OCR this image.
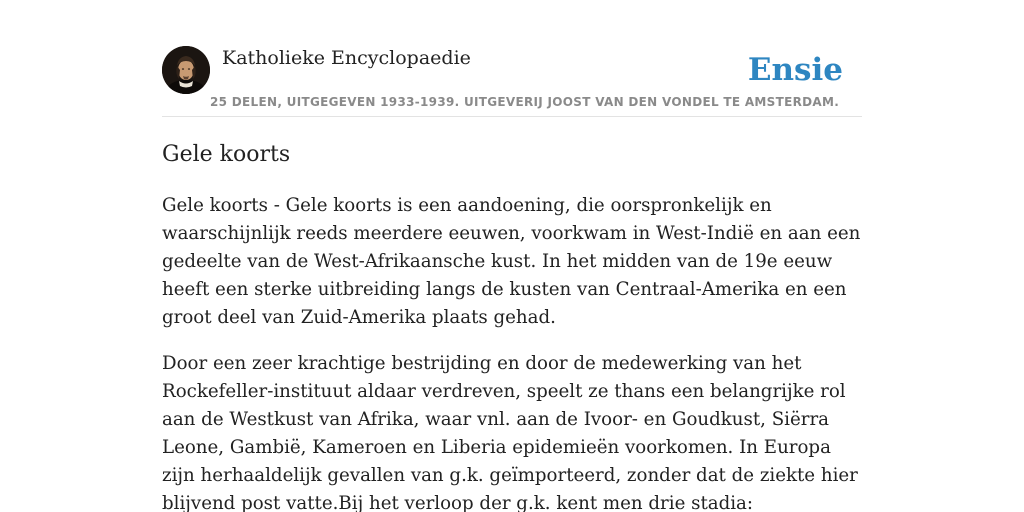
Katholieke Encyclopaedie
25 DELEN, UITGEGEVEN 1933-1939. UITGEVERIJ JOOST VAN DEN VONDEL TE AMSTERDAM.
Ensie
Gele koorts

Gele koorts - Gele koorts is een aandoening, die oorspronkelijk en waarschijnlijk reeds meerdere eeuwen, voorkwam in West-Indië en aan een gedeelte van de West-Afrikaansche kust. In het midden van de 19e eeuw heeft een sterke uitbreiding langs de kusten van Centraal-Amerika en een groot deel van Zuid-Amerika plaats gehad.

Door een zeer krachtige bestrijding en door de medewerking van het Rockefeller-instituut aldaar verdreven, speelt ze thans een belangrijke rol aan de Westkust van Afrika, waar vnl. aan de Ivoor- en Goudkust, Siërra Leone, Gambië, Kameroen en Liberia epidemieën voorkomen. In Europa zijn herhaaldelijk gevallen van g.k. geïmporteerd, zonder dat de ziekte hier blijvend post vatte.Bij het verloop der g.k. kent men drie stadia:
